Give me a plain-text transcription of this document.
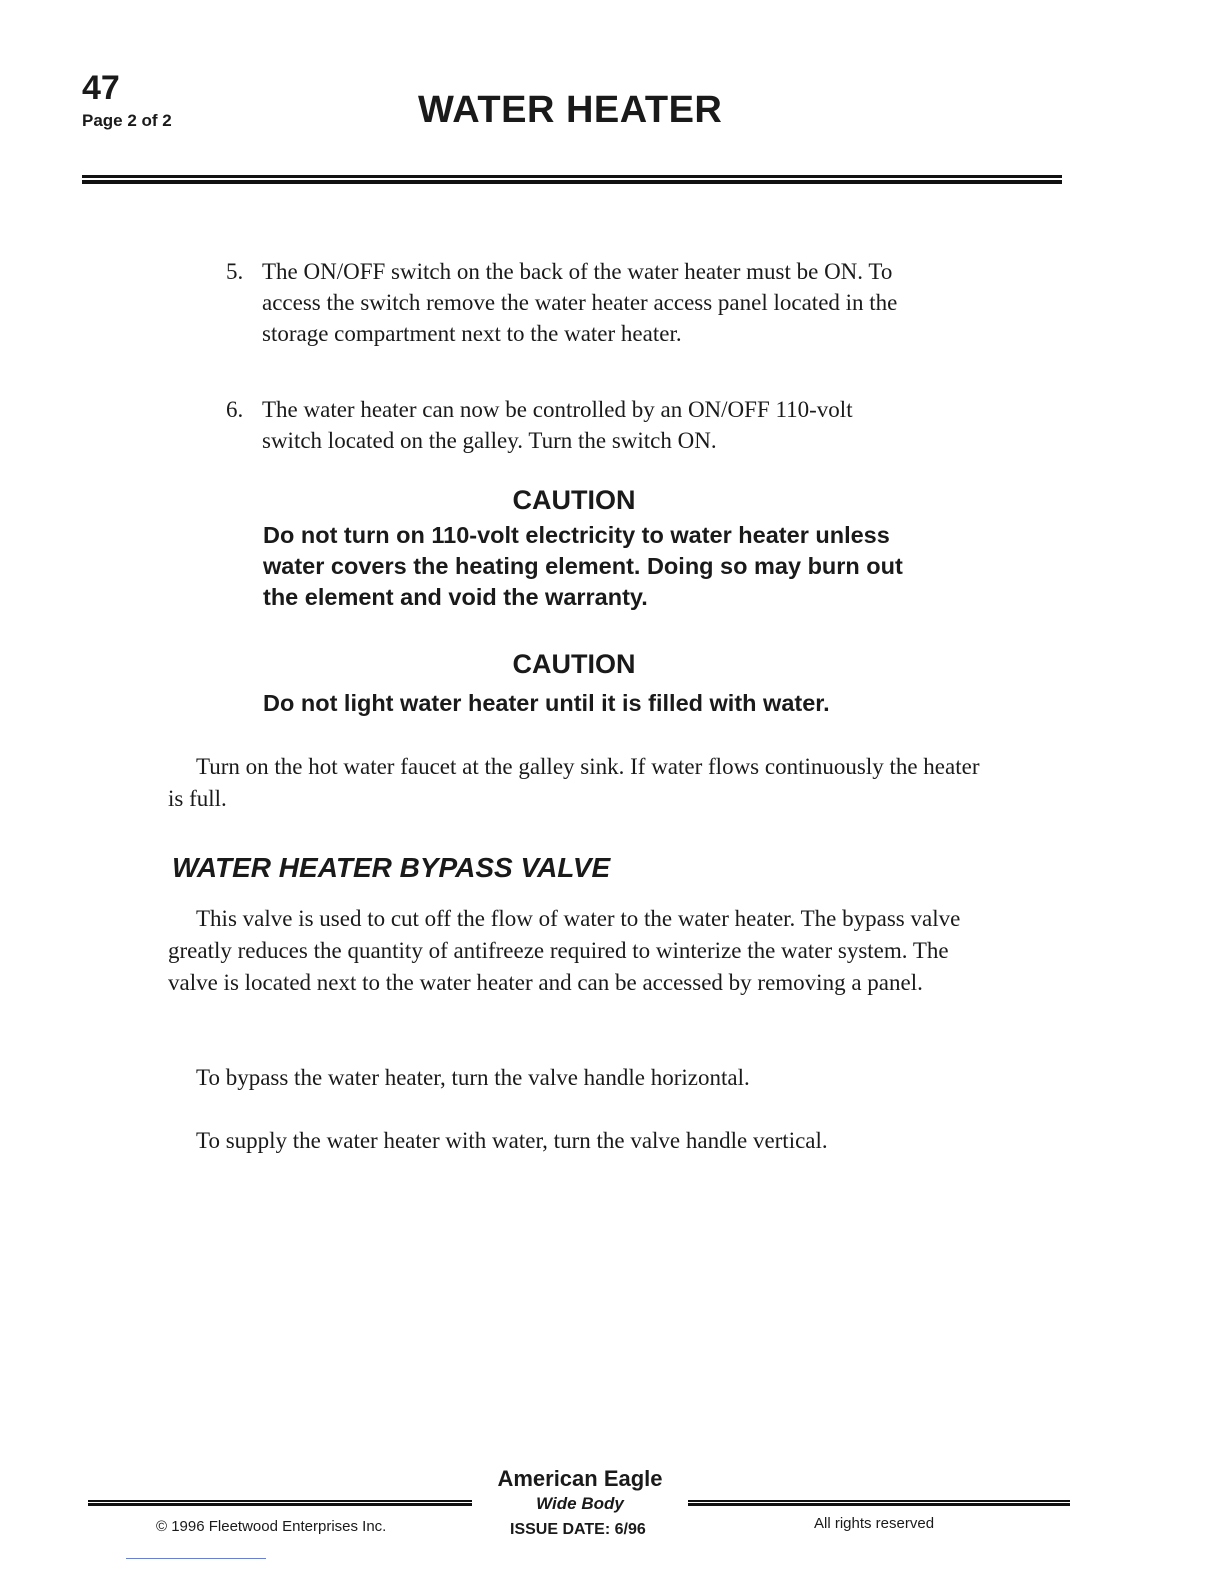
47
Page 2 of 2	WATER HEATER
5. The ON/OFF switch on the back of the water heater must be ON. To access the switch remove the water heater access panel located in the storage compartment next to the water heater.
6. The water heater can now be controlled by an ON/OFF 110-volt switch located on the galley. Turn the switch ON.
CAUTION
Do not turn on 110-volt electricity to water heater unless water covers the heating element. Doing so may burn out the element and void the warranty.
CAUTION
Do not light water heater until it is filled with water.
Turn on the hot water faucet at the galley sink. If water flows continuously the heater is full.
WATER HEATER BYPASS VALVE
This valve is used to cut off the flow of water to the water heater. The bypass valve greatly reduces the quantity of antifreeze required to winterize the water system. The valve is located next to the water heater and can be accessed by removing a panel.
To bypass the water heater, turn the valve handle horizontal.
To supply the water heater with water, turn the valve handle vertical.
American Eagle
Wide Body
© 1996 Fleetwood Enterprises Inc.	ISSUE DATE: 6/96	All rights reserved
